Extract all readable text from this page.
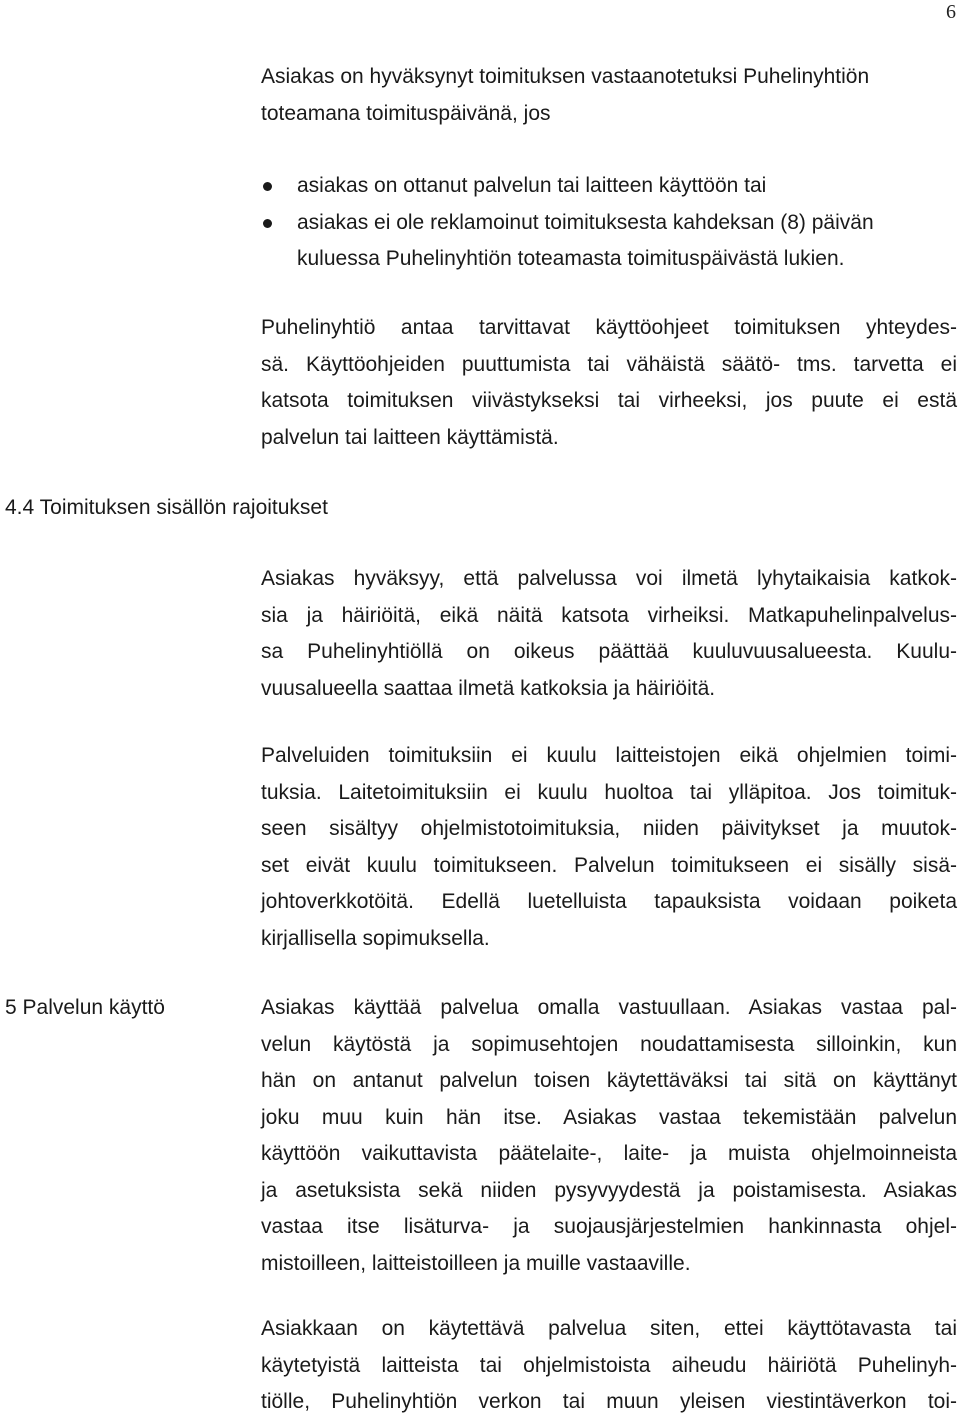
6

Asiakas on hyväksynyt toimituksen vastaanotetuksi Puhelinyhtiön
toteamana toimituspäivänä, jos

asiakas on ottanut palvelun tai laitteen käyttöön tai
asiakas ei ole reklamoinut toimituksesta kahdeksan (8) päivän
kuluessa Puhelinyhtiön toteamasta toimituspäivästä lukien.

Puhelinyhtiö antaa tarvittavat käyttöohjeet toimituksen yhteydes-
sä. Käyttöohjeiden puuttumista tai vähäistä säätö- tms. tarvetta ei
katsota toimituksen viivästykseksi tai virheeksi, jos puute ei estä
palvelun tai laitteen käyttämistä.

4.4 Toimituksen sisällön rajoitukset

Asiakas hyväksyy, että palvelussa voi ilmetä lyhytaikaisia katkok-
sia ja häiriöitä, eikä näitä katsota virheiksi. Matkapuhelinpalvelus-
sa Puhelinyhtiöllä on oikeus päättää kuuluvuusalueesta. Kuulu-
vuusalueella saattaa ilmetä katkoksia ja häiriöitä.

Palveluiden toimituksiin ei kuulu laitteistojen eikä ohjelmien toimi-
tuksia. Laitetoimituksiin ei kuulu huoltoa tai ylläpitoa. Jos toimituk-
seen sisältyy ohjelmistotoimituksia, niiden päivitykset ja muutok-
set eivät kuulu toimitukseen. Palvelun toimitukseen ei sisälly sisä-
johtoverkkotöitä. Edellä luetelluista tapauksista voidaan poiketa
kirjallisella sopimuksella.

5 Palvelun käyttö	Asiakas käyttää palvelua omalla vastuullaan. Asiakas vastaa pal-
velun käytöstä ja sopimusehtojen noudattamisesta silloinkin, kun
hän on antanut palvelun toisen käytettäväksi tai sitä on käyttänyt
joku muu kuin hän itse. Asiakas vastaa tekemistään palvelun
käyttöön vaikuttavista päätelaite-, laite- ja muista ohjelmoinneista
ja asetuksista sekä niiden pysyvyydestä ja poistamisesta. Asiakas
vastaa itse lisäturva- ja suojausjärjestelmien hankinnasta ohjel-
mistoilleen, laitteistoilleen ja muille vastaaville.

Asiakkaan on käytettävä palvelua siten, ettei käyttötavasta tai
käytetyistä laitteista tai ohjelmistoista aiheudu häiriötä Puhelinyh-
tiölle, Puhelinyhtiön verkon tai muun yleisen viestintäverkon toi-
